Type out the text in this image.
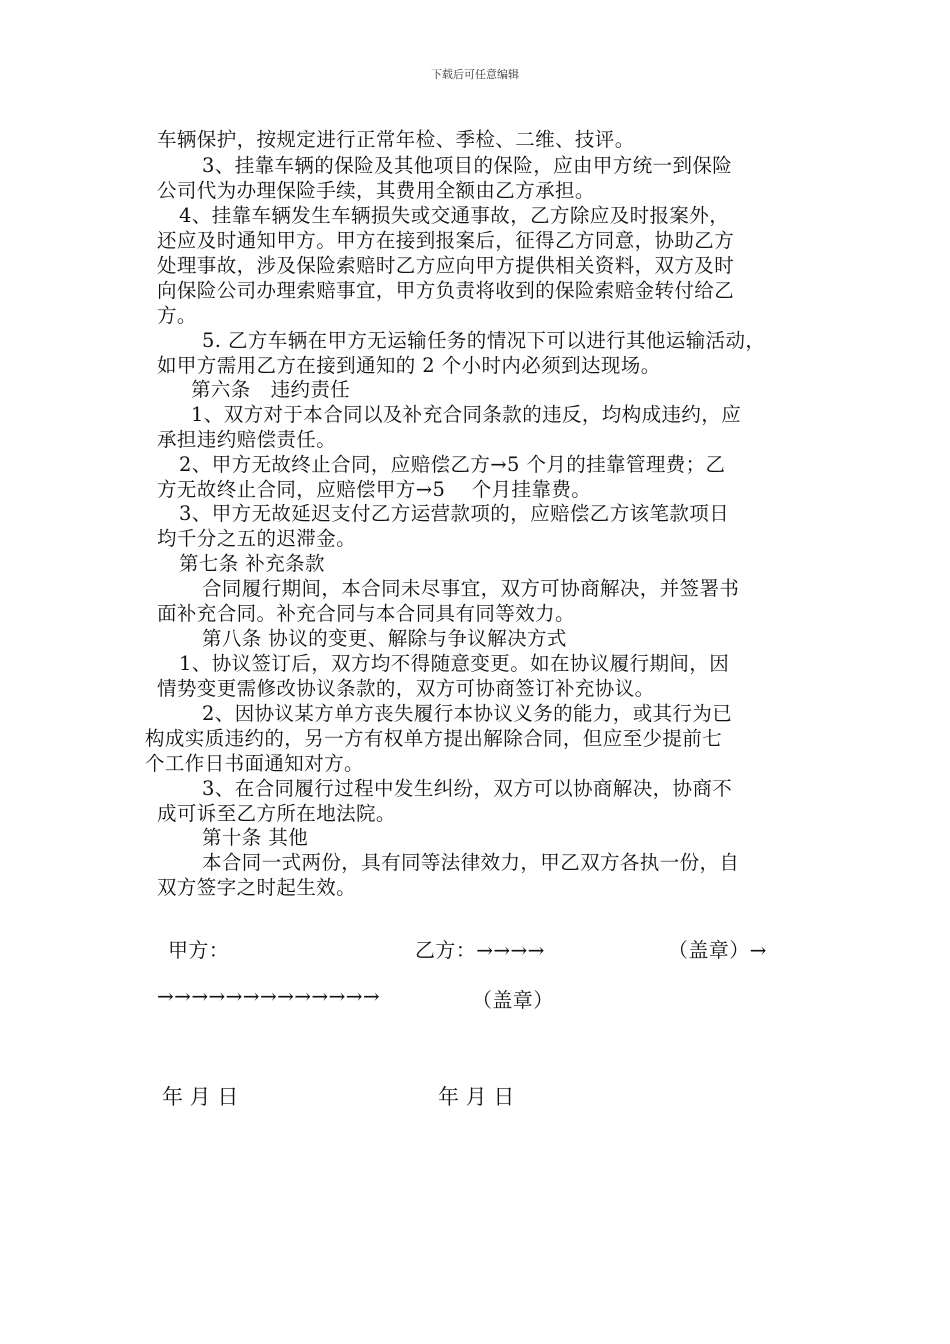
下载后可任意编辑
车辆保护，按规定进行正常年检、季检、二维、技评。
3、挂靠车辆的保险及其他项目的保险，应由甲方统一到保险
公司代为办理保险手续，其费用全额由乙方承担。
4、挂靠车辆发生车辆损失或交通事故，乙方除应及时报案外，
还应及时通知甲方。甲方在接到报案后，征得乙方同意，协助乙方
处理事故，涉及保险索赔时乙方应向甲方提供相关资料，双方及时
向保险公司办理索赔事宜，甲方负责将收到的保险索赔金转付给乙
方。
5. 乙方车辆在甲方无运输任务的情况下可以进行其他运输活动，
如甲方需用乙方在接到通知的 2 个小时内必须到达现场。
第六条　违约责任
1、双方对于本合同以及补充合同条款的违反，均构成违约，应
承担违约赔偿责任。
2、甲方无故终止合同，应赔偿乙方→5 个月的挂靠管理费；乙
方无故终止合同，应赔偿甲方→5　 个月挂靠费。
3、甲方无故延迟支付乙方运营款项的，应赔偿乙方该笔款项日
均千分之五的迟滞金。
第七条 补充条款
合同履行期间，本合同未尽事宜，双方可协商解决，并签署书
面补充合同。补充合同与本合同具有同等效力。
第八条 协议的变更、解除与争议解决方式
1、协议签订后，双方均不得随意变更。如在协议履行期间，因
情势变更需修改协议条款的，双方可协商签订补充协议。
2、因协议某方单方丧失履行本协议义务的能力，或其行为已
构成实质违约的，另一方有权单方提出解除合同，但应至少提前七
个工作日书面通知对方。
3、在合同履行过程中发生纠纷，双方可以协商解决，协商不
成可诉至乙方所在地法院。
第十条 其他
本合同一式两份，具有同等法律效力，甲乙双方各执一份，自
双方签字之时起生效。
甲方：	乙方：→→→→	（盖章）→
→→→→→→→→→→→→→	（盖章）
年 月 日	年 月 日
